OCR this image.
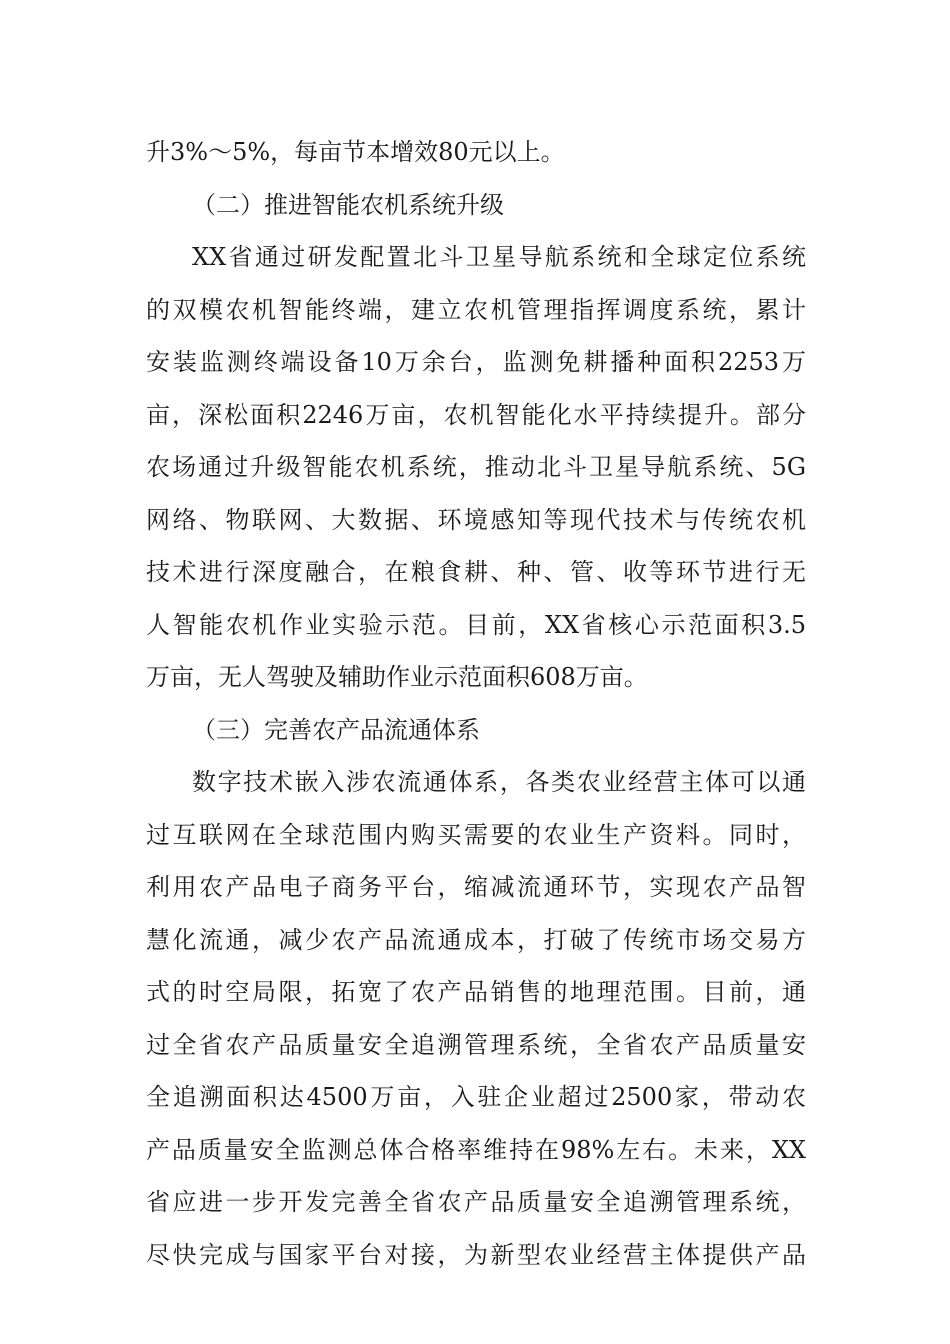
升3%～5%，每亩节本增效80元以上。
（二）推进智能农机系统升级
XX省通过研发配置北斗卫星导航系统和全球定位系统
的双模农机智能终端，建立农机管理指挥调度系统，累计
安装监测终端设备10万余台，监测免耕播种面积2253万
亩，深松面积2246万亩，农机智能化水平持续提升。部分
农场通过升级智能农机系统，推动北斗卫星导航系统、5G
网络、物联网、大数据、环境感知等现代技术与传统农机
技术进行深度融合，在粮食耕、种、管、收等环节进行无
人智能农机作业实验示范。目前，XX省核心示范面积3.5
万亩，无人驾驶及辅助作业示范面积608万亩。
（三）完善农产品流通体系
数字技术嵌入涉农流通体系，各类农业经营主体可以通
过互联网在全球范围内购买需要的农业生产资料。同时，
利用农产品电子商务平台，缩减流通环节，实现农产品智
慧化流通，减少农产品流通成本，打破了传统市场交易方
式的时空局限，拓宽了农产品销售的地理范围。目前，通
过全省农产品质量安全追溯管理系统，全省农产品质量安
全追溯面积达4500万亩，入驻企业超过2500家，带动农
产品质量安全监测总体合格率维持在98%左右。未来，XX
省应进一步开发完善全省农产品质量安全追溯管理系统，
尽快完成与国家平台对接，为新型农业经营主体提供产品
